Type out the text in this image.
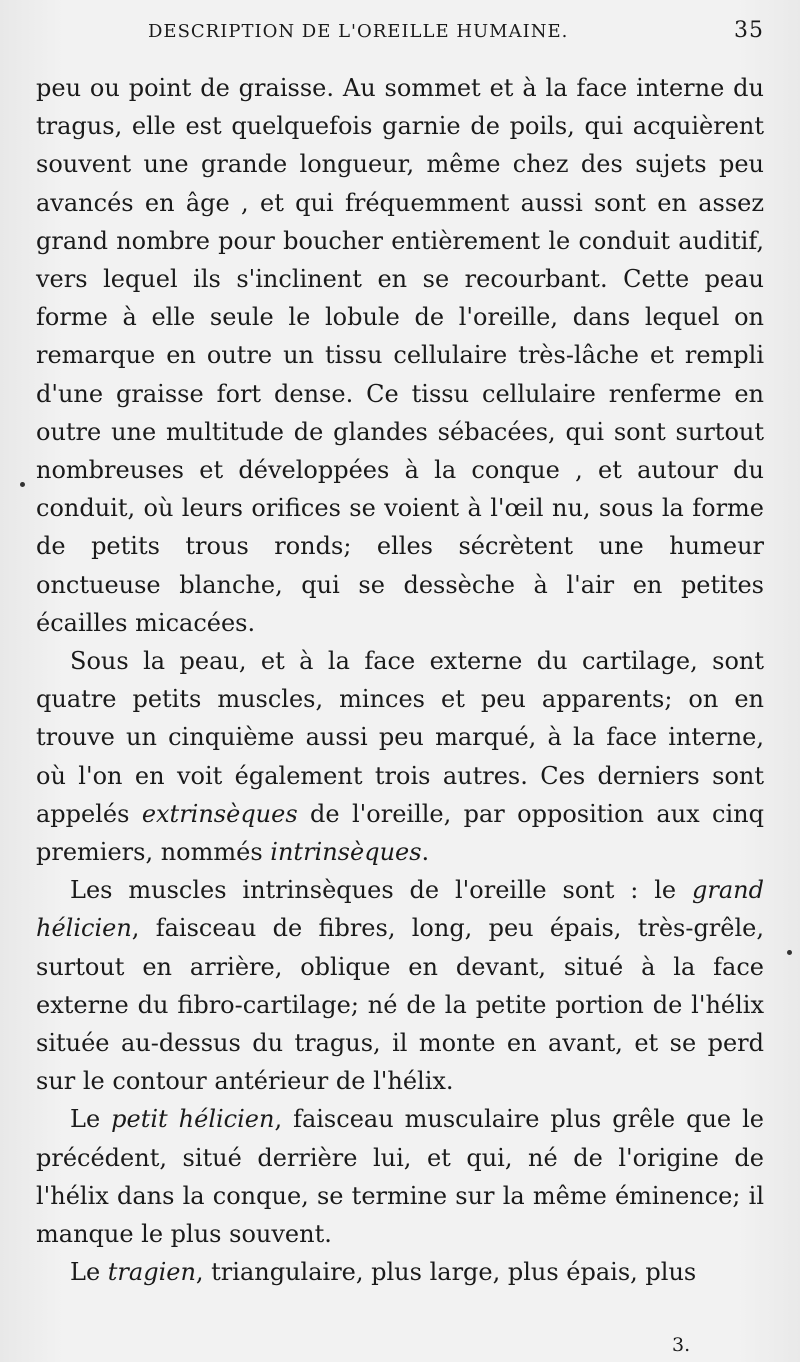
DESCRIPTION DE L'OREILLE HUMAINE.	35

peu ou point de graisse. Au sommet et à la face interne du tragus, elle est quelquefois garnie de poils, qui acquièrent souvent une grande longueur, même chez des sujets peu avancés en âge , et qui fréquemment aussi sont en assez grand nombre pour boucher entièrement le conduit auditif, vers lequel ils s'inclinent en se recourbant. Cette peau forme à elle seule le lobule de l'oreille, dans lequel on remarque en outre un tissu cellulaire très-lâche et rempli d'une graisse fort dense. Ce tissu cellulaire renferme en outre une multitude de glandes sébacées, qui sont surtout nombreuses et développées à la conque , et autour du conduit, où leurs orifices se voient à l'œil nu, sous la forme de petits trous ronds; elles sécrètent une humeur onctueuse blanche, qui se dessèche à l'air en petites écailles micacées.

Sous la peau, et à la face externe du cartilage, sont quatre petits muscles, minces et peu apparents; on en trouve un cinquième aussi peu marqué, à la face interne, où l'on en voit également trois autres. Ces derniers sont appelés extrinsèques de l'oreille, par opposition aux cinq premiers, nommés intrinsèques.

Les muscles intrinsèques de l'oreille sont : le grand hélicien, faisceau de fibres, long, peu épais, très-grêle, surtout en arrière, oblique en devant, situé à la face externe du fibro-cartilage; né de la petite portion de l'hélix située au-dessus du tragus, il monte en avant, et se perd sur le contour antérieur de l'hélix.

Le petit hélicien, faisceau musculaire plus grêle que le précédent, situé derrière lui, et qui, né de l'origine de l'hélix dans la conque, se termine sur la même éminence; il manque le plus souvent.

Le tragien, triangulaire, plus large, plus épais, plus

3.
